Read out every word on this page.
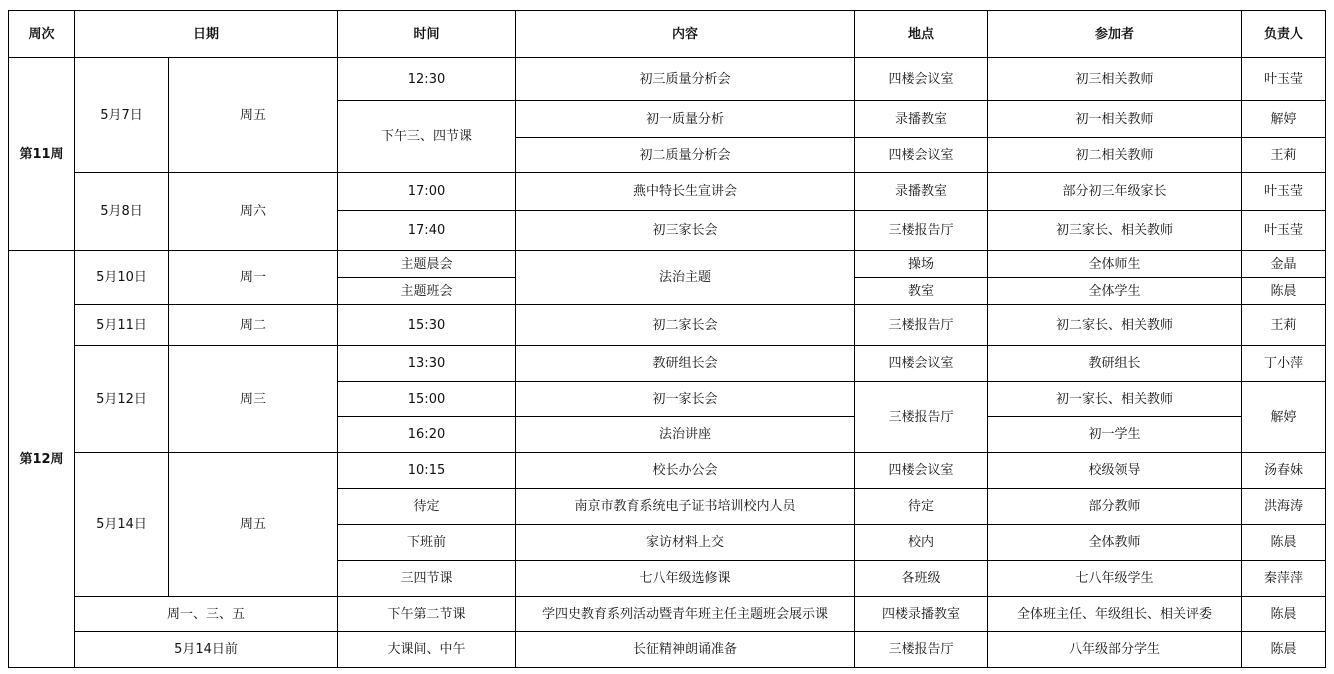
周次	日期		时间	内容	地点	参加者	负责人
第11周	5月7日	周五	12:30	初三质量分析会	四楼会议室	初三相关教师	叶玉莹
			下午三、四节课	初一质量分析	录播教室	初一相关教师	解婷
				初二质量分析会	四楼会议室	初二相关教师	王莉
	5月8日	周六	17:00	燕中特长生宣讲会	录播教室	部分初三年级家长	叶玉莹
			17:40	初三家长会	三楼报告厅	初三家长、相关教师	叶玉莹
第12周	5月10日	周一	主题晨会	法治主题	操场	全体师生	金晶
			主题班会		教室	全体学生	陈晨
	5月11日	周二	15:30	初二家长会	三楼报告厅	初二家长、相关教师	王莉
	5月12日	周三	13:30	教研组长会	四楼会议室	教研组长	丁小萍
			15:00	初一家长会	三楼报告厅	初一家长、相关教师	解婷
			16:20	法治讲座		初一学生	
	5月14日	周五	10:15	校长办公会	四楼会议室	校级领导	汤春妹
			待定	南京市教育系统电子证书培训校内人员	待定	部分教师	洪海涛
			下班前	家访材料上交	校内	全体教师	陈晨
			三四节课	七八年级选修课	各班级	七八年级学生	秦萍萍
	周一、三、五		下午第二节课	学四史教育系列活动暨青年班主任主题班会展示课	四楼录播教室	全体班主任、年级组长、相关评委	陈晨
	5月14日前		大课间、中午	长征精神朗诵准备	三楼报告厅	八年级部分学生	陈晨
